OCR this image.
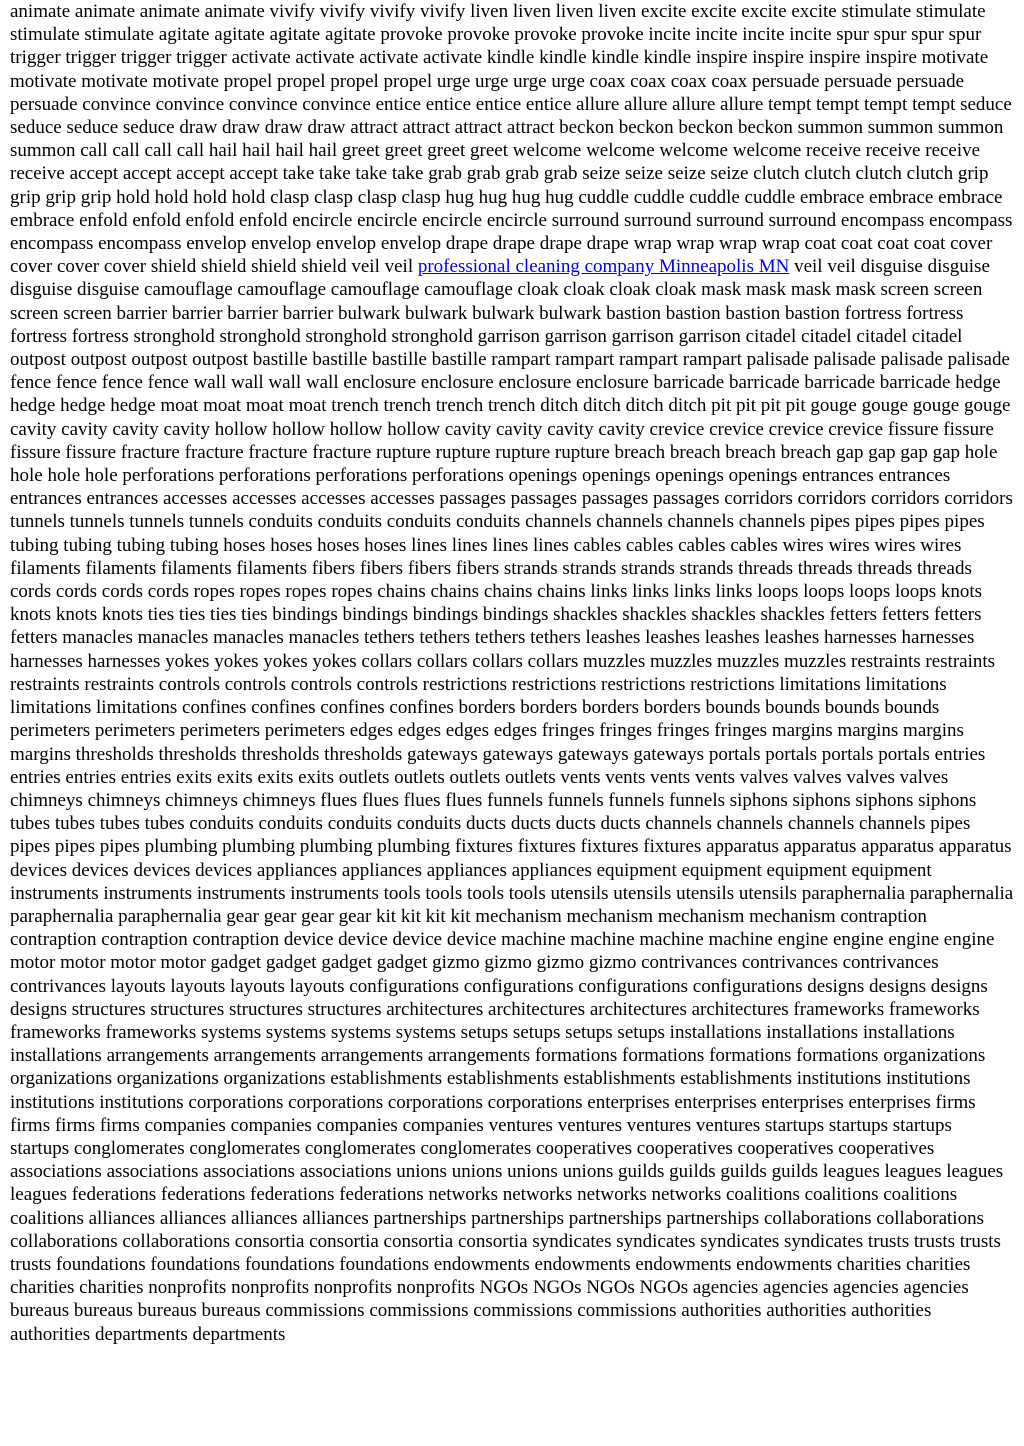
animate animate animate animate vivify vivify vivify vivify liven liven liven liven excite excite excite excite stimulate stimulate stimulate stimulate agitate agitate agitate agitate provoke provoke provoke provoke incite incite incite incite spur spur spur spur trigger trigger trigger trigger activate activate activate activate kindle kindle kindle kindle inspire inspire inspire inspire motivate motivate motivate motivate propel propel propel propel urge urge urge urge coax coax coax coax persuade persuade persuade persuade convince convince convince convince entice entice entice entice allure allure allure allure tempt tempt tempt tempt seduce seduce seduce seduce draw draw draw draw attract attract attract attract beckon beckon beckon beckon summon summon summon summon call call call call hail hail hail hail greet greet greet greet welcome welcome welcome welcome receive receive receive receive accept accept accept accept take take take take grab grab grab grab seize seize seize seize clutch clutch clutch clutch grip grip grip grip hold hold hold hold clasp clasp clasp clasp hug hug hug hug cuddle cuddle cuddle cuddle embrace embrace embrace embrace enfold enfold enfold enfold encircle encircle encircle encircle surround surround surround surround encompass encompass encompass encompass envelop envelop envelop envelop drape drape drape drape wrap wrap wrap wrap coat coat coat coat cover cover cover cover shield shield shield shield veil veil professional cleaning company Minneapolis MN veil veil disguise disguise disguise disguise camouflage camouflage camouflage camouflage cloak cloak cloak cloak mask mask mask mask screen screen screen screen barrier barrier barrier barrier bulwark bulwark bulwark bulwark bastion bastion bastion bastion fortress fortress fortress fortress stronghold stronghold stronghold stronghold garrison garrison garrison garrison citadel citadel citadel citadel outpost outpost outpost outpost bastille bastille bastille bastille rampart rampart rampart rampart palisade palisade palisade palisade fence fence fence fence wall wall wall wall enclosure enclosure enclosure enclosure barricade barricade barricade barricade hedge hedge hedge hedge moat moat moat moat trench trench trench trench ditch ditch ditch ditch pit pit pit pit gouge gouge gouge gouge cavity cavity cavity cavity hollow hollow hollow hollow cavity cavity cavity cavity crevice crevice crevice crevice fissure fissure fissure fissure fracture fracture fracture fracture rupture rupture rupture rupture breach breach breach breach gap gap gap gap hole hole hole hole perforations perforations perforations perforations openings openings openings openings entrances entrances entrances entrances accesses accesses accesses accesses passages passages passages passages corridors corridors corridors corridors tunnels tunnels tunnels tunnels conduits conduits conduits conduits channels channels channels channels pipes pipes pipes pipes tubing tubing tubing tubing hoses hoses hoses hoses lines lines lines lines cables cables cables cables wires wires wires wires filaments filaments filaments filaments fibers fibers fibers fibers strands strands strands strands threads threads threads threads cords cords cords cords ropes ropes ropes ropes chains chains chains chains links links links links loops loops loops loops knots knots knots knots ties ties ties ties bindings bindings bindings bindings shackles shackles shackles shackles fetters fetters fetters fetters manacles manacles manacles manacles tethers tethers tethers tethers leashes leashes leashes leashes harnesses harnesses harnesses harnesses yokes yokes yokes yokes collars collars collars collars muzzles muzzles muzzles muzzles restraints restraints restraints restraints controls controls controls controls restrictions restrictions restrictions restrictions limitations limitations limitations limitations confines confines confines confines borders borders borders borders bounds bounds bounds bounds perimeters perimeters perimeters perimeters edges edges edges edges fringes fringes fringes fringes margins margins margins margins thresholds thresholds thresholds thresholds gateways gateways gateways gateways portals portals portals portals entries entries entries entries exits exits exits exits outlets outlets outlets outlets vents vents vents vents valves valves valves valves chimneys chimneys chimneys chimneys flues flues flues flues funnels funnels funnels funnels siphons siphons siphons siphons tubes tubes tubes tubes conduits conduits conduits conduits ducts ducts ducts ducts channels channels channels channels pipes pipes pipes pipes plumbing plumbing plumbing plumbing fixtures fixtures fixtures fixtures apparatus apparatus apparatus apparatus devices devices devices devices appliances appliances appliances appliances equipment equipment equipment equipment instruments instruments instruments instruments tools tools tools tools utensils utensils utensils utensils paraphernalia paraphernalia paraphernalia paraphernalia gear gear gear gear kit kit kit kit mechanism mechanism mechanism mechanism contraption contraption contraption contraption device device device device machine machine machine machine engine engine engine engine motor motor motor motor gadget gadget gadget gadget gizmo gizmo gizmo gizmo contrivances contrivances contrivances contrivances layouts layouts layouts layouts configurations configurations configurations configurations designs designs designs designs structures structures structures structures architectures architectures architectures architectures frameworks frameworks frameworks frameworks systems systems systems systems setups setups setups setups installations installations installations installations arrangements arrangements arrangements arrangements formations formations formations formations organizations organizations organizations organizations establishments establishments establishments establishments institutions institutions institutions institutions corporations corporations corporations corporations enterprises enterprises enterprises enterprises firms firms firms firms companies companies companies companies ventures ventures ventures ventures startups startups startups startups conglomerates conglomerates conglomerates conglomerates cooperatives cooperatives cooperatives cooperatives associations associations associations associations unions unions unions unions guilds guilds guilds guilds leagues leagues leagues leagues federations federations federations federations networks networks networks networks coalitions coalitions coalitions coalitions alliances alliances alliances alliances partnerships partnerships partnerships partnerships collaborations collaborations collaborations collaborations consortia consortia consortia consortia syndicates syndicates syndicates syndicates trusts trusts trusts trusts foundations foundations foundations foundations endowments endowments endowments endowments charities charities charities charities nonprofits nonprofits nonprofits nonprofits NGOs NGOs NGOs NGOs agencies agencies agencies agencies bureaus bureaus bureaus bureaus commissions commissions commissions commissions authorities authorities authorities authorities departments departments
